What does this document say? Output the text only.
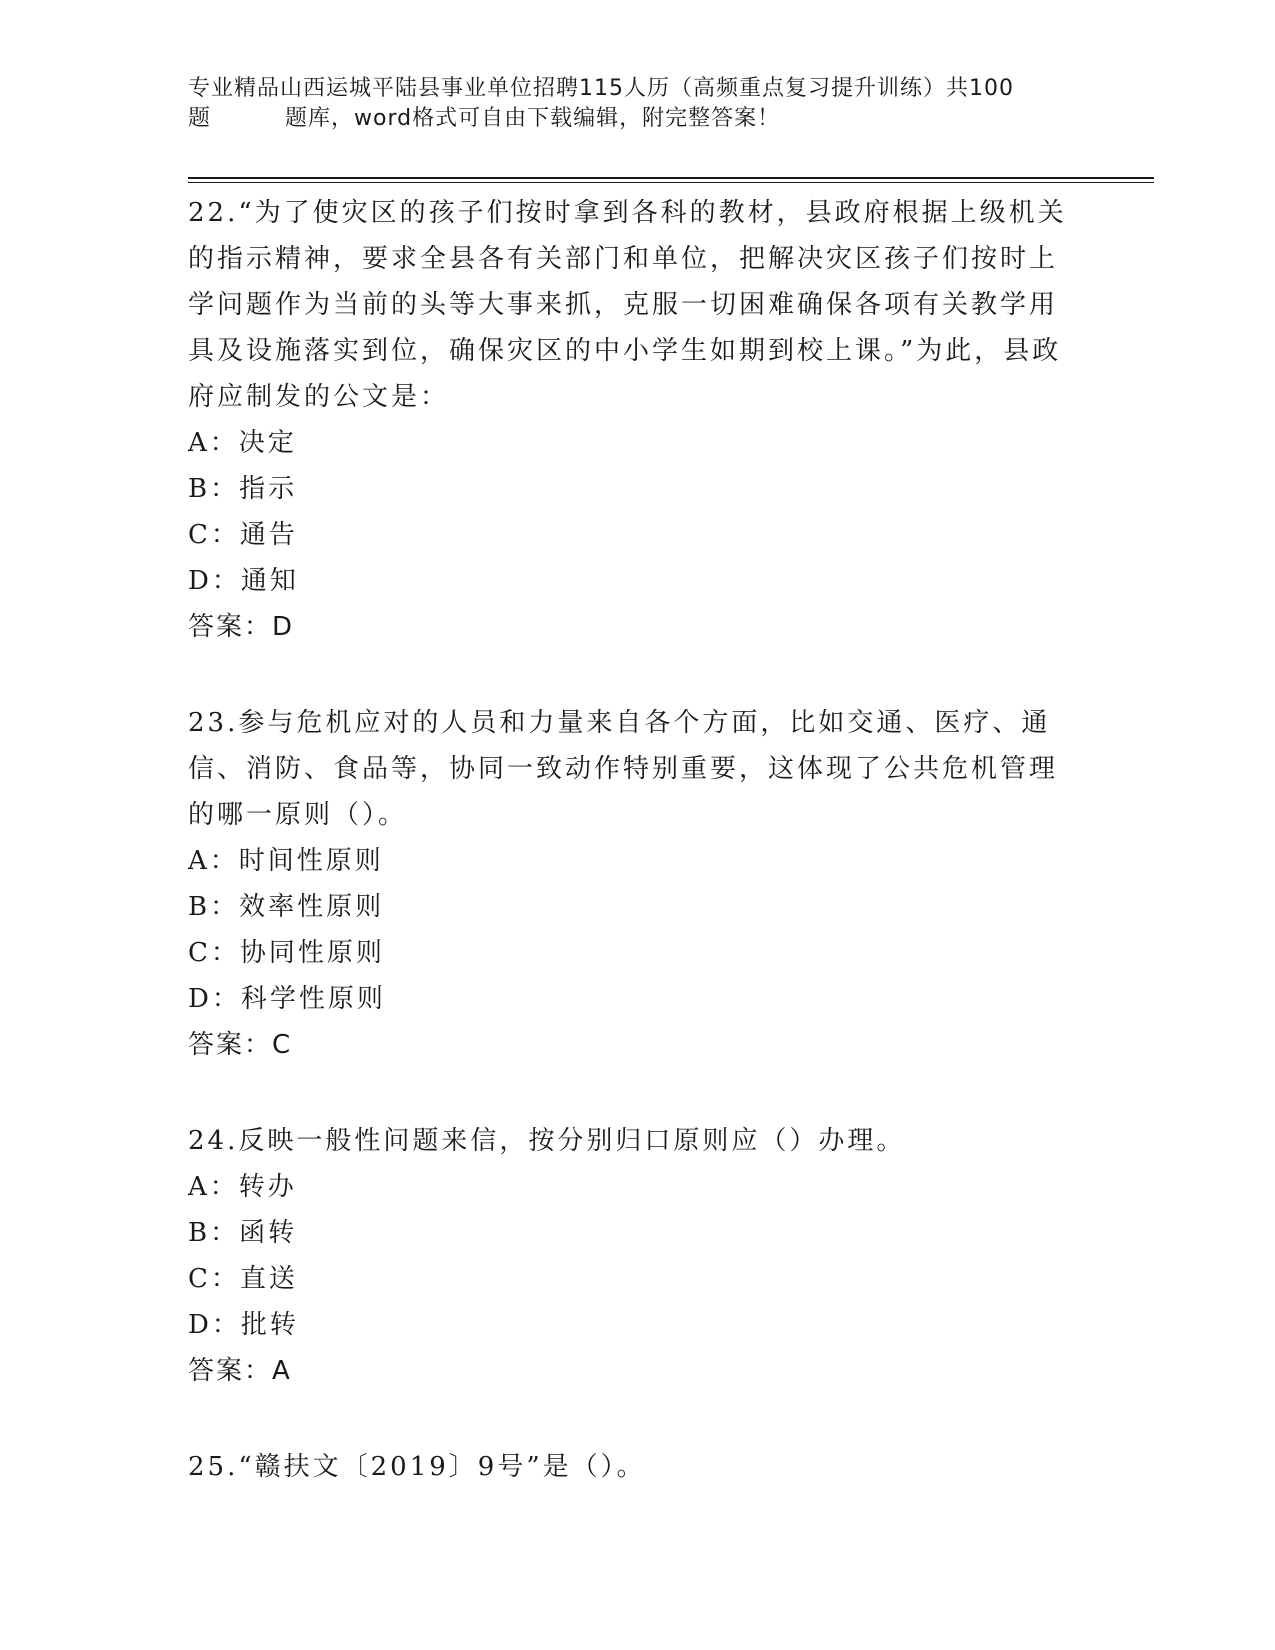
专业精品山西运城平陆县事业单位招聘115人历（高频重点复习提升训练）共100
题	题库，word格式可自由下载编辑，附完整答案！

22.“为了使灾区的孩子们按时拿到各科的教材，县政府根据上级机关的指示精神，要求全县各有关部门和单位，把解决灾区孩子们按时上学问题作为当前的头等大事来抓，克服一切困难确保各项有关教学用具及设施落实到位，确保灾区的中小学生如期到校上课。”为此，县政府应制发的公文是：

A：决定

B：指示

C：通告

D：通知

答案：D

23.参与危机应对的人员和力量来自各个方面，比如交通、医疗、通信、消防、食品等，协同一致动作特别重要，这体现了公共危机管理的哪一原则（）。

A：时间性原则

B：效率性原则

C：协同性原则

D：科学性原则

答案：C

24.反映一般性问题来信，按分别归口原则应（）办理。

A：转办

B：函转

C：直送

D：批转

答案：A

25.“赣扶文〔2019〕9号”是（）。
